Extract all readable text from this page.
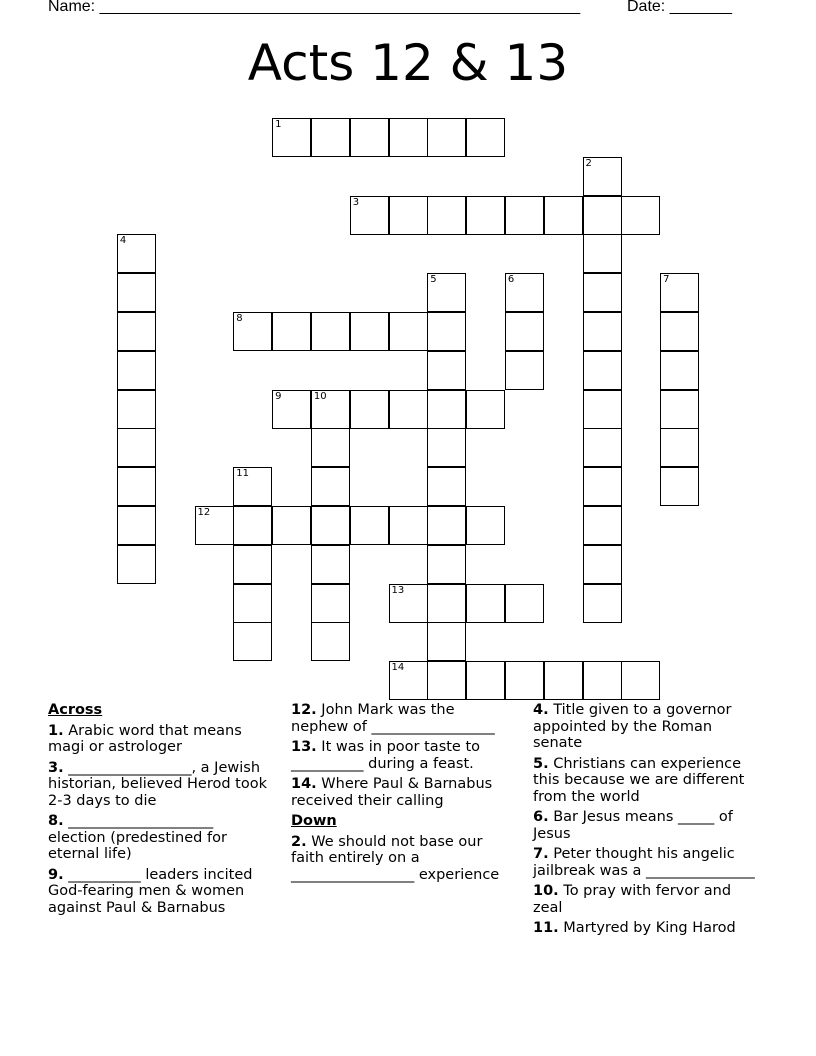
Name: ______________________________________________________	Date: _______
Acts 12 & 13
1
2
3
4
5	6	7
8
9	10
11
12
13
14
Across
1. Arabic word that means magi or astrologer
3. _________________, a Jewish historian, believed Herod took 2-3 days to die
8. ____________________ election (predestined for eternal life)
9. __________ leaders incited God-fearing men & women against Paul & Barnabus
12. John Mark was the nephew of _________________
13. It was in poor taste to __________ during a feast.
14. Where Paul & Barnabus received their calling
Down
2. We should not base our faith entirely on a _________________ experience
4. Title given to a governor appointed by the Roman senate
5. Christians can experience this because we are different from the world
6. Bar Jesus means _____ of Jesus
7. Peter thought his angelic jailbreak was a _______________
10. To pray with fervor and zeal
11. Martyred by King Harod
